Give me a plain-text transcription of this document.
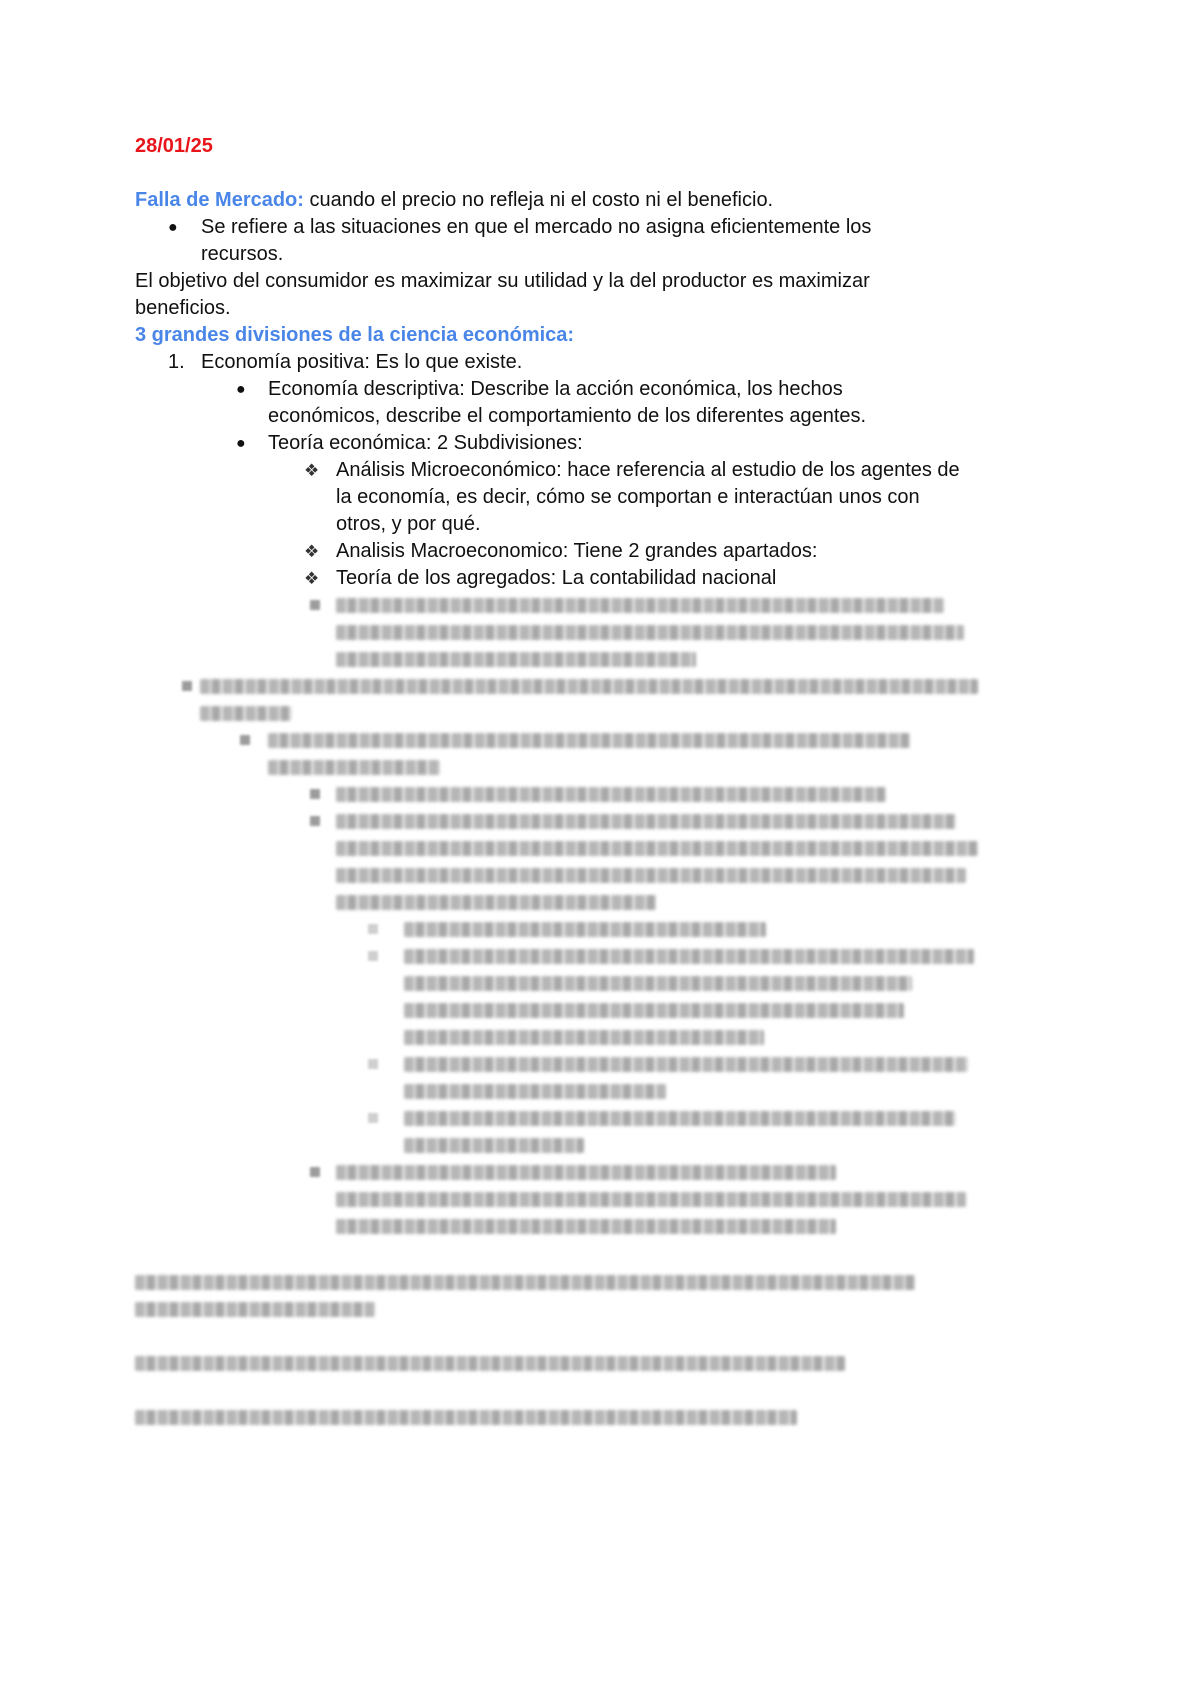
28/01/25
Falla de Mercado: cuando el precio no refleja ni el costo ni el beneficio.
● Se refiere a las situaciones en que el mercado no asigna eficientemente los
recursos.
El objetivo del consumidor es maximizar su utilidad y la del productor es maximizar
beneficios.
3 grandes divisiones de la ciencia económica:
1. Economía positiva: Es lo que existe.
● Economía descriptiva: Describe la acción económica, los hechos
económicos, describe el comportamiento de los diferentes agentes.
● Teoría económica: 2 Subdivisiones:
❖ Análisis Microeconómico: hace referencia al estudio de los agentes de
la economía, es decir, cómo se comportan e interactúan unos con
otros, y por qué.
❖ Analisis Macroeconomico: Tiene 2 grandes apartados:
❖ Teoría de los agregados: La contabilidad nacional
